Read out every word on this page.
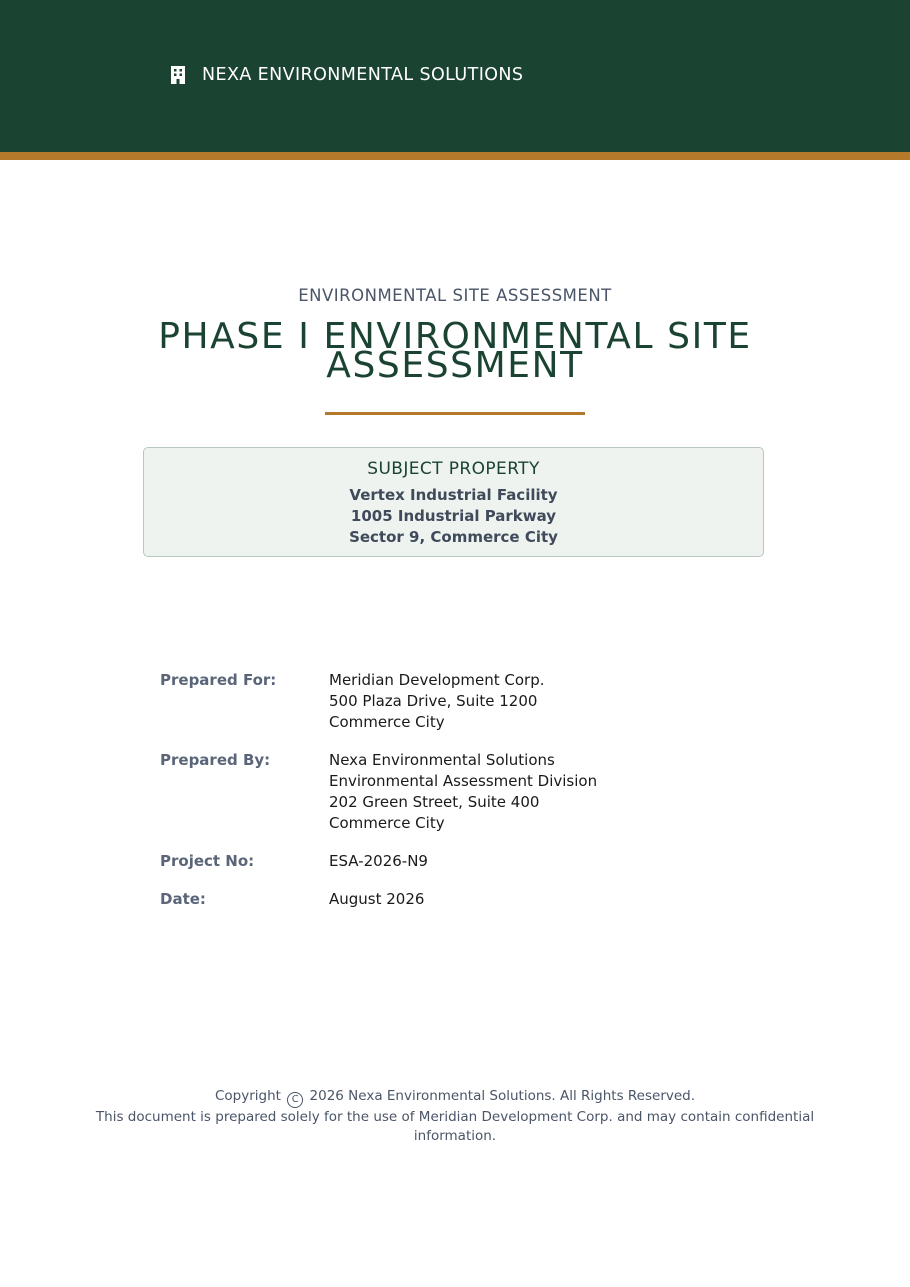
NEXA ENVIRONMENTAL SOLUTIONS
ENVIRONMENTAL SITE ASSESSMENT
PHASE I ENVIRONMENTAL SITE
ASSESSMENT
SUBJECT PROPERTY
Vertex Industrial Facility
1005 Industrial Parkway
Sector 9, Commerce City
Prepared For:	Meridian Development Corp.
500 Plaza Drive, Suite 1200
Commerce City
Prepared By:	Nexa Environmental Solutions
Environmental Assessment Division
202 Green Street, Suite 400
Commerce City
Project No:	ESA-2026-N9
Date:	August 2026

Copyright C 2026 Nexa Environmental Solutions. All Rights Reserved.

This document is prepared solely for the use of Meridian Development Corp. and may contain confidential

information.
